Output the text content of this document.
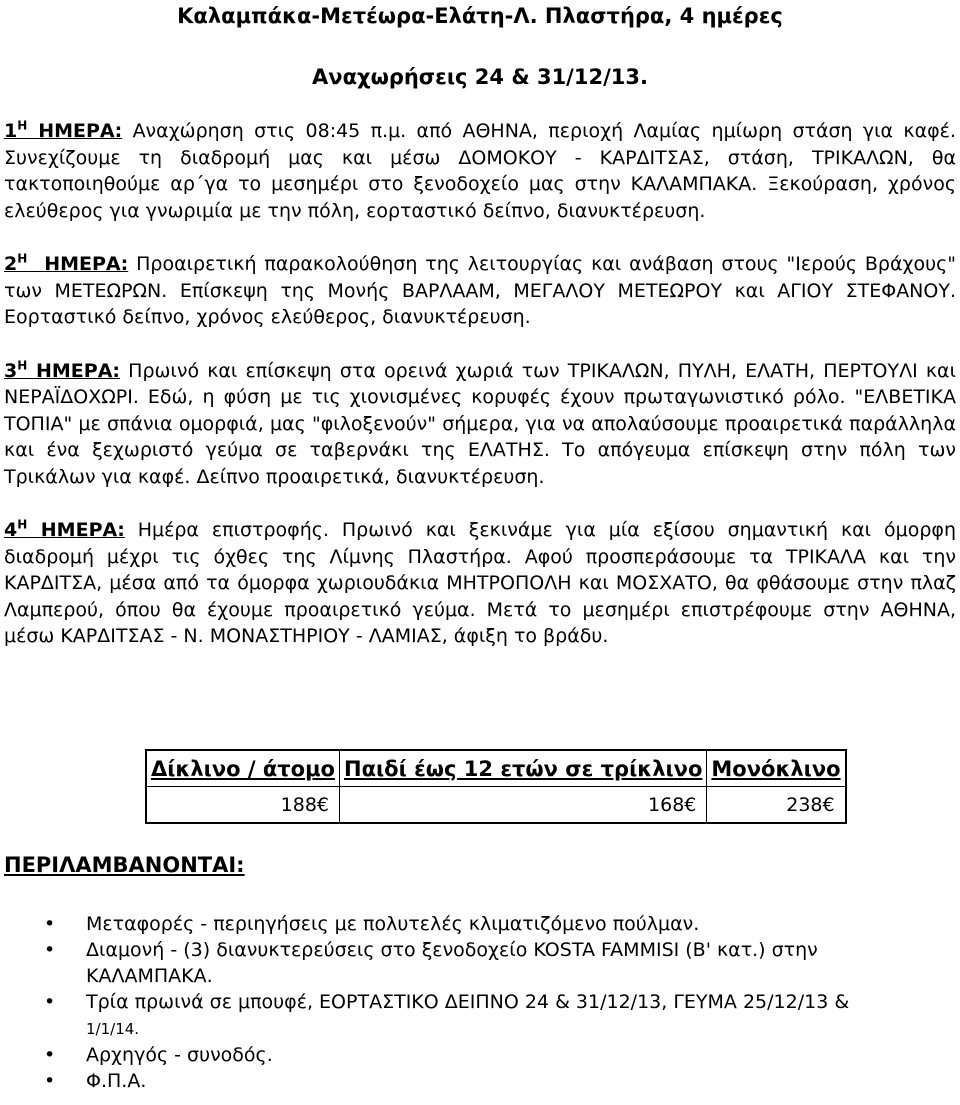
Καλαμπάκα-Μετέωρα-Ελάτη-Λ. Πλαστήρα, 4 ημέρες
Αναχωρήσεις 24 & 31/12/13.

$1^H$ ΗΜΕΡΑ: Αναχώρηση στις 08:45 π.μ. από ΑΘΗΝΑ, περιοχή Λαμίας ημίωρη στάση για καφέ. Συνεχίζουμε τη διαδρομή μας και μέσω ΔΟΜΟΚΟΥ - ΚΑΡΔΙΤΣΑΣ, στάση, ΤΡΙΚΑΛΩΝ, θα τακτοποιηθούμε αρ΄γα το μεσημέρι στο ξενοδοχείο μας στην ΚΑΛΑΜΠΑΚΑ. Ξεκούραση, χρόνος ελεύθερος για γνωριμία με την πόλη, εορταστικό δείπνο, διανυκτέρευση.

$2^H$ ΗΜΕΡΑ: Προαιρετική παρακολούθηση της λειτουργίας και ανάβαση στους "Ιερούς Βράχους" των ΜΕΤΕΩΡΩΝ. Επίσκεψη της Μονής ΒΑΡΛΑΑΜ, ΜΕΓΑΛΟΥ ΜΕΤΕΩΡΟΥ και ΑΓΙΟΥ ΣΤΕΦΑΝΟΥ. Εορταστικό δείπνο, χρόνος ελεύθερος, διανυκτέρευση.

$3^H$ ΗΜΕΡΑ: Πρωινό και επίσκεψη στα ορεινά χωριά των ΤΡΙΚΑΛΩΝ, ΠΥΛΗ, ΕΛΑΤΗ, ΠΕΡΤΟΥΛΙ και ΝΕΡΑΪΔΟΧΩΡΙ. Εδώ, η φύση με τις χιονισμένες κορυφές έχουν πρωταγωνιστικό ρόλο. "ΕΛΒΕΤΙΚΑ ΤΟΠΙΑ" με σπάνια ομορφιά, μας "φιλοξενούν" σήμερα, για να απολαύσουμε προαιρετικά παράλληλα και ένα ξεχωριστό γεύμα σε ταβερνάκι της ΕΛΑΤΗΣ. Το απόγευμα επίσκεψη στην πόλη των Τρικάλων για καφέ. Δείπνο προαιρετικά, διανυκτέρευση.

$4^H$ ΗΜΕΡΑ: Ημέρα επιστροφής. Πρωινό και ξεκινάμε για μία εξίσου σημαντική και όμορφη διαδρομή μέχρι τις όχθες της Λίμνης Πλαστήρα. Αφού προσπεράσουμε τα ΤΡΙΚΑΛΑ και την ΚΑΡΔΙΤΣΑ, μέσα από τα όμορφα χωριουδάκια ΜΗΤΡΟΠΟΛΗ και ΜΟΣΧΑΤΟ, θα φθάσουμε στην πλαζ Λαμπερού, όπου θα έχουμε προαιρετικό γεύμα. Μετά το μεσημέρι επιστρέφουμε στην ΑΘΗΝΑ, μέσω ΚΑΡΔΙΤΣΑΣ - Ν. ΜΟΝΑΣΤΗΡΙΟΥ - ΛΑΜΙΑΣ, άφιξη το βράδυ.

Δίκλινο / άτομο	Παιδί έως 12 ετών σε τρίκλινο	Μονόκλινο
188€	168€	238€
ΠΕΡΙΛΑΜΒΑΝΟΝΤΑΙ:
• Μεταφορές - περιηγήσεις με πολυτελές κλιματιζόμενο πούλμαν.
• Διαμονή - (3) διανυκτερεύσεις στο ξενοδοχείο KOSTA FAMMISI (B' κατ.) στην ΚΑΛΑΜΠΑΚΑ.
• Τρία πρωινά σε μπουφέ, ΕΟΡΤΑΣΤΙΚΟ ΔΕΙΠΝΟ 24 & 31/12/13, ΓΕΥΜΑ 25/12/13 &
1/1/14.
• Αρχηγός - συνοδός.
• Φ.Π.Α.
